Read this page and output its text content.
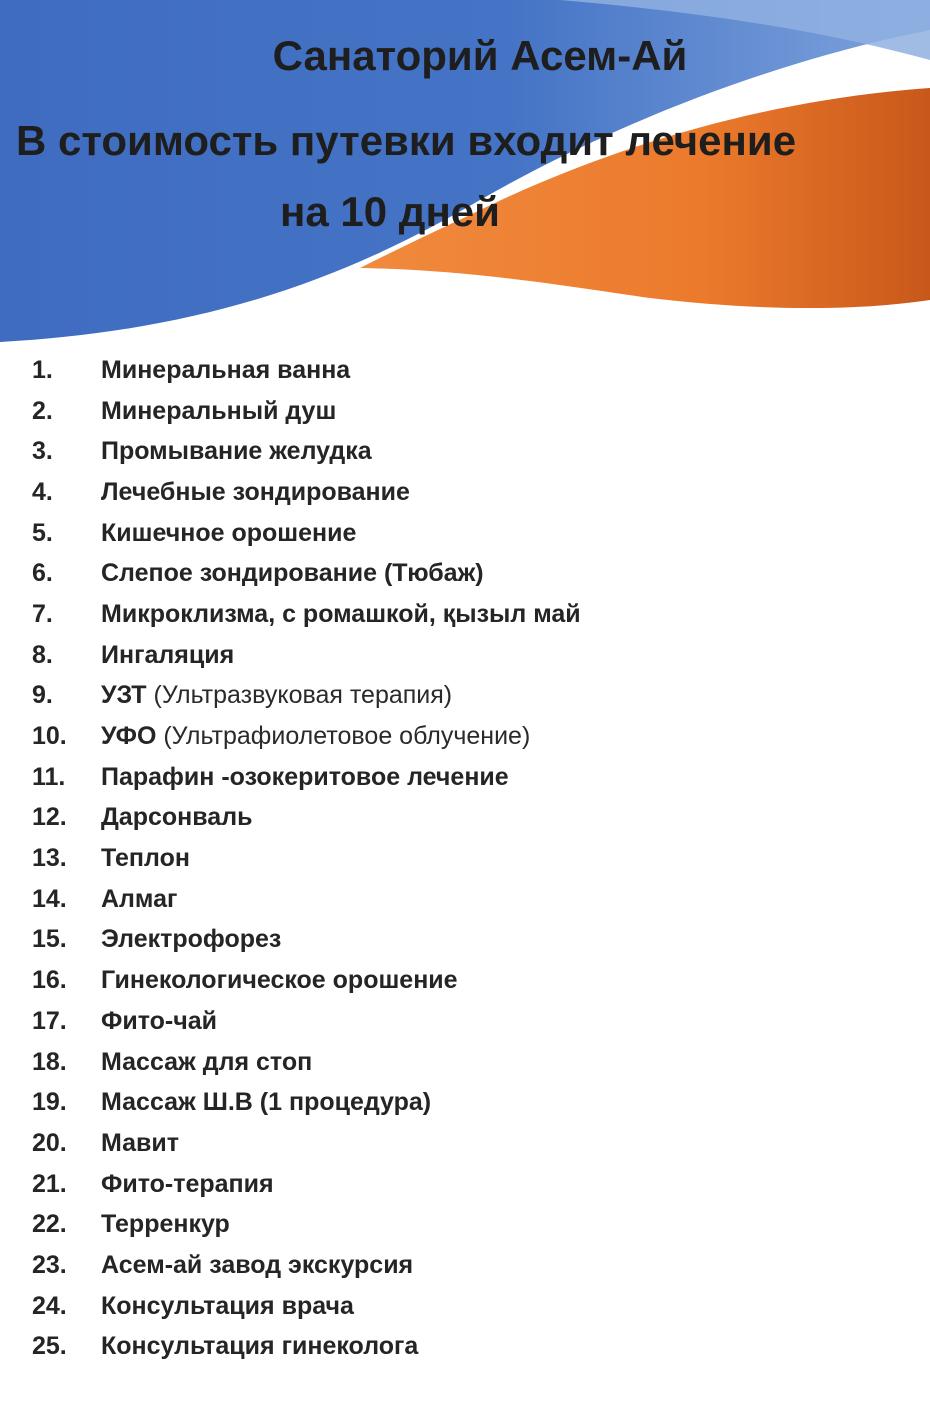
Санаторий Асем-Ай
В стоимость путевки входит лечение
на 10 дней
1.	Минеральная ванна
2.	Минеральный душ
3.	Промывание желудка
4.	Лечебные зондирование
5.	Кишечное орошение
6.	Слепое зондирование (Тюбаж)
7.	Микроклизма, с ромашкой, қызыл май
8.	Ингаляция
9.	УЗТ (Ультразвуковая терапия)
10.	УФО (Ультрафиолетовое облучение)
11.	Парафин -озокеритовое лечение
12.	Дарсонваль
13.	Теплон
14.	Алмаг
15.	Электрофорез
16.	Гинекологическое орошение
17.	Фито-чай
18.	Массаж для стоп
19.	Массаж Ш.В (1 процедура)
20.	Мавит
21.	Фито-терапия
22.	Терренкур
23.	Асем-ай завод экскурсия
24.	Консультация врача
25.	Консультация гинеколога
